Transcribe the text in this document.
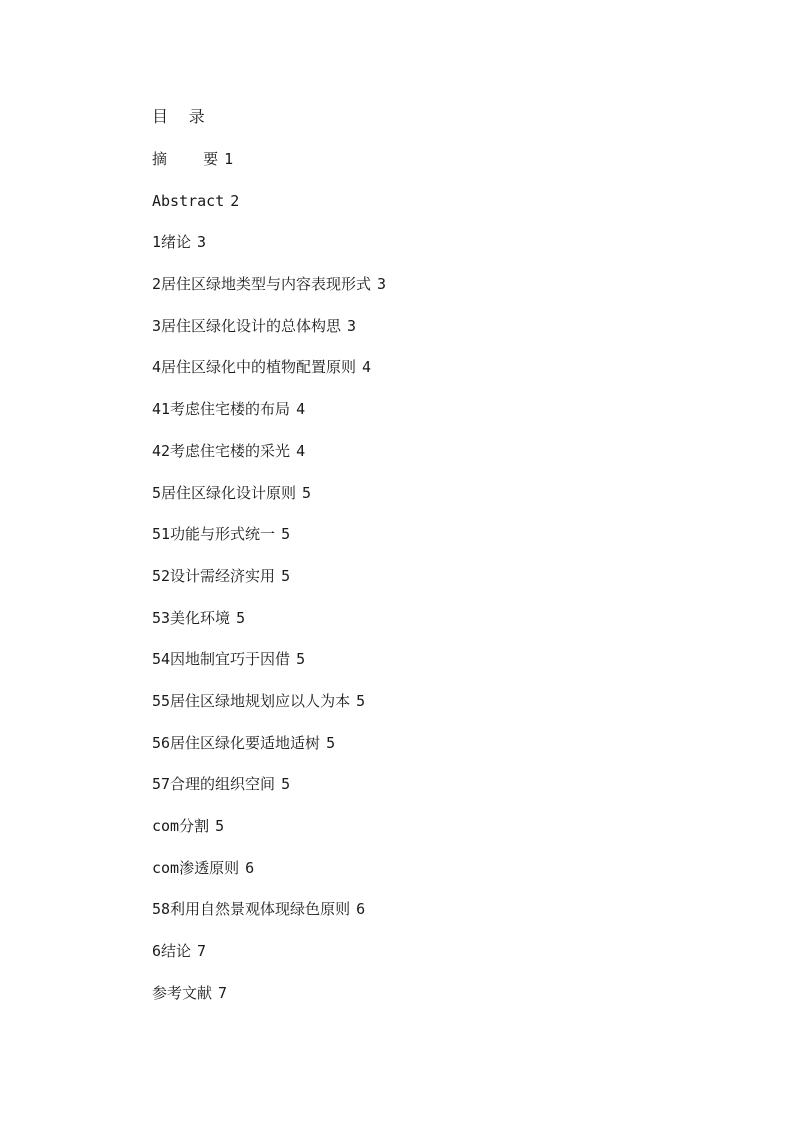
目  录
摘    要 1
Abstract 2
1绪论 3
2居住区绿地类型与内容表现形式 3
3居住区绿化设计的总体构思 3
4居住区绿化中的植物配置原则 4
41考虑住宅楼的布局 4
42考虑住宅楼的采光 4
5居住区绿化设计原则 5
51功能与形式统一 5
52设计需经济实用 5
53美化环境 5
54因地制宜巧于因借 5
55居住区绿地规划应以人为本 5
56居住区绿化要适地适树 5
57合理的组织空间 5
com分割 5
com渗透原则 6
58利用自然景观体现绿色原则 6
6结论 7
参考文献 7
